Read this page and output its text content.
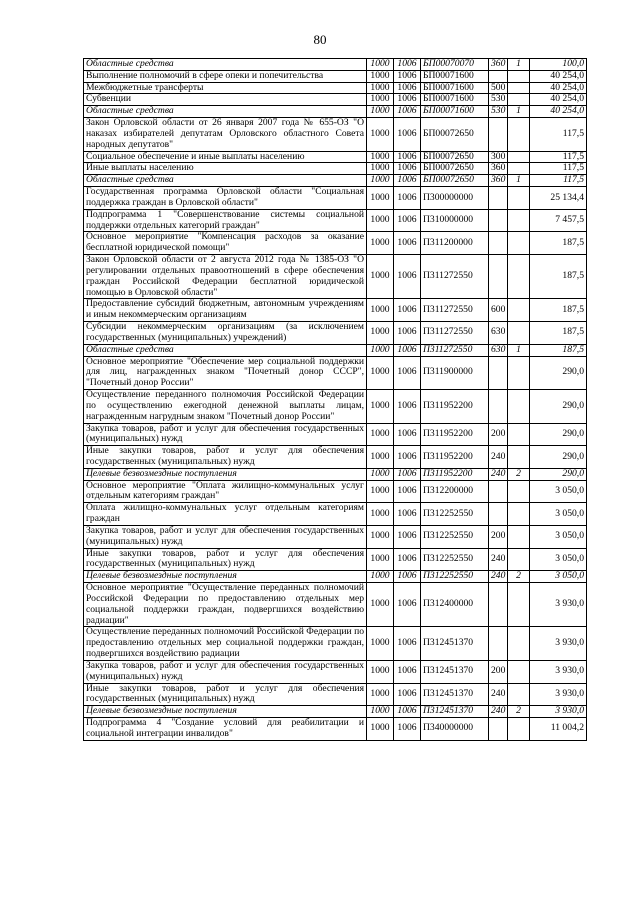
80
Областные средства	1000	1006	БП00070070	360	1	100,0
Выполнение полномочий в сфере опеки и попечительства	1000	1006	БП00071600			40 254,0
Межбюджетные трансферты	1000	1006	БП00071600	500		40 254,0
Субвенции	1000	1006	БП00071600	530		40 254,0
Областные средства	1000	1006	БП00071600	530	1	40 254,0
Закон Орловской области от 26 января 2007 года № 655-ОЗ "О наказах избирателей депутатам Орловского областного Совета народных депутатов"	1000	1006	БП00072650			117,5
Социальное обеспечение и иные выплаты населению	1000	1006	БП00072650	300		117,5
Иные выплаты населению	1000	1006	БП00072650	360		117,5
Областные средства	1000	1006	БП00072650	360	1	117,5
Государственная программа Орловской области "Социальная поддержка граждан в Орловской области"	1000	1006	П300000000			25 134,4
Подпрограмма 1 "Совершенствование системы социальной поддержки отдельных категорий граждан"	1000	1006	П310000000			7 457,5
Основное мероприятие "Компенсация расходов за оказание бесплатной юридической помощи"	1000	1006	П311200000			187,5
Закон Орловской области от 2 августа 2012 года № 1385-ОЗ "О регулировании отдельных правоотношений в сфере обеспечения граждан Российской Федерации бесплатной юридической помощью в Орловской области"	1000	1006	П311272550			187,5
Предоставление субсидий бюджетным, автономным учреждениям и иным некоммерческим организациям	1000	1006	П311272550	600		187,5
Субсидии некоммерческим организациям (за исключением государственных (муниципальных) учреждений)	1000	1006	П311272550	630		187,5
Областные средства	1000	1006	П311272550	630	1	187,5
Основное мероприятие "Обеспечение мер социальной поддержки для лиц, награжденных знаком "Почетный донор СССР", "Почетный донор России"	1000	1006	П311900000			290,0
Осуществление переданного полномочия Российской Федерации по осуществлению ежегодной денежной выплаты лицам, награжденным нагрудным знаком "Почетный донор России"	1000	1006	П311952200			290,0
Закупка товаров, работ и услуг для обеспечения государственных (муниципальных) нужд	1000	1006	П311952200	200		290,0
Иные закупки товаров, работ и услуг для обеспечения государственных (муниципальных) нужд	1000	1006	П311952200	240		290,0
Целевые безвозмездные поступления	1000	1006	П311952200	240	2	290,0
Основное мероприятие "Оплата жилищно-коммунальных услуг отдельным категориям граждан"	1000	1006	П312200000			3 050,0
Оплата жилищно-коммунальных услуг отдельным категориям граждан	1000	1006	П312252550			3 050,0
Закупка товаров, работ и услуг для обеспечения государственных (муниципальных) нужд	1000	1006	П312252550	200		3 050,0
Иные закупки товаров, работ и услуг для обеспечения государственных (муниципальных) нужд	1000	1006	П312252550	240		3 050,0
Целевые безвозмездные поступления	1000	1006	П312252550	240	2	3 050,0
Основное мероприятие "Осуществление переданных полномочий Российской Федерации по предоставлению отдельных мер социальной поддержки граждан, подвергшихся воздействию радиации"	1000	1006	П312400000			3 930,0
Осуществление переданных полномочий Российской Федерации по предоставлению отдельных мер социальной поддержки граждан, подвергшихся воздействию радиации	1000	1006	П312451370			3 930,0
Закупка товаров, работ и услуг для обеспечения государственных (муниципальных) нужд	1000	1006	П312451370	200		3 930,0
Иные закупки товаров, работ и услуг для обеспечения государственных (муниципальных) нужд	1000	1006	П312451370	240		3 930,0
Целевые безвозмездные поступления	1000	1006	П312451370	240	2	3 930,0
Подпрограмма 4 "Создание условий для реабилитации и социальной интеграции инвалидов"	1000	1006	П340000000			11 004,2
